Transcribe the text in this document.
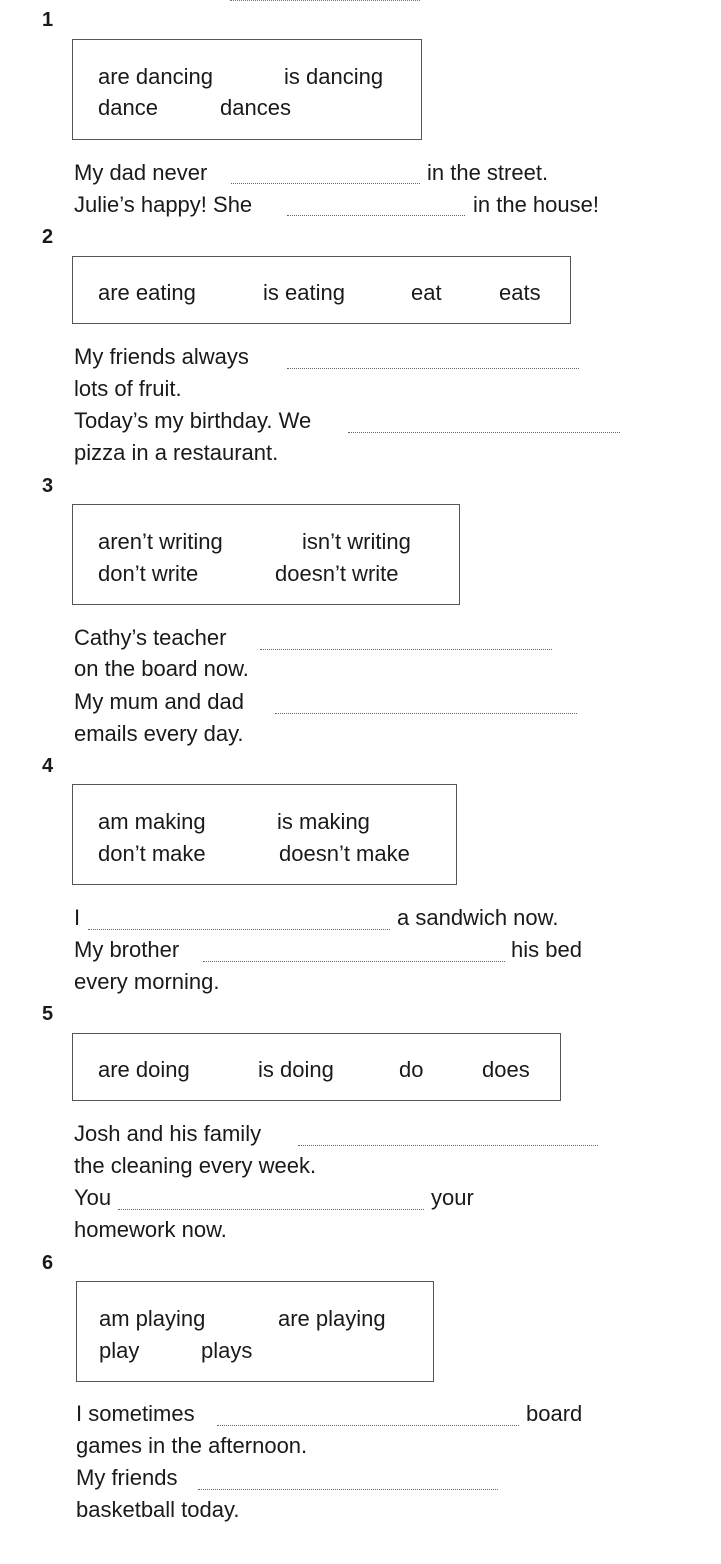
1
are dancing	is dancing
dance	dances
My dad never	in the street.
Julie’s happy! She	in the house!
2
are eating	is eating	eat	eats
My friends always
lots of fruit.
Today’s my birthday. We
pizza in a restaurant.
3
aren’t writing	isn’t writing
don’t write	doesn’t write
Cathy’s teacher
on the board now.
My mum and dad
emails every day.
4
am making	is making
don’t make	doesn’t make
I	a sandwich now.
My brother	his bed
every morning.
5
are doing	is doing	do	does
Josh and his family
the cleaning every week.
You	your
homework now.
6
am playing	are playing
play	plays
I sometimes	board
games in the afternoon.
My friends
basketball today.
